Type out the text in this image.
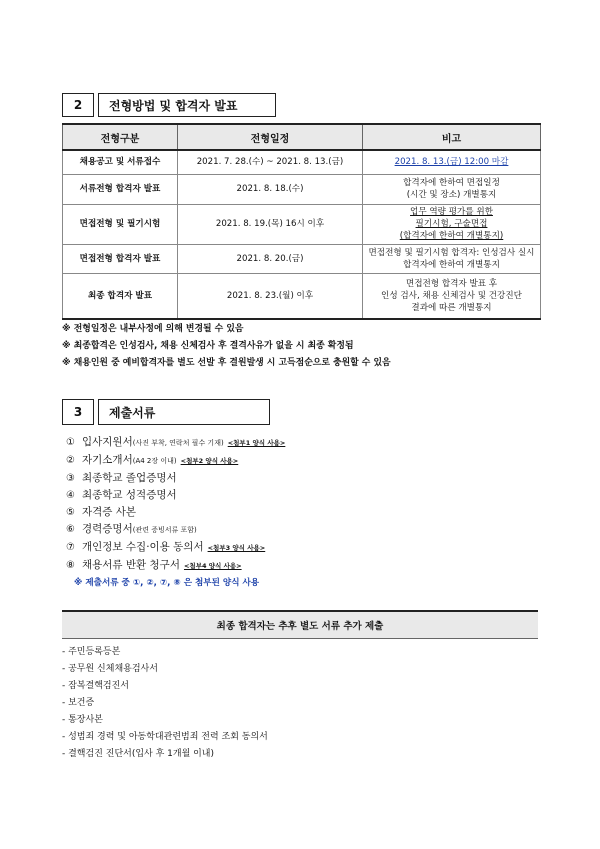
2	전형방법 및 합격자 발표
전형구분	전형일정	비고
채용공고 및 서류접수	2021. 7. 28.(수) ~ 2021. 8. 13.(금)	2021. 8. 13.(금) 12:00 마감
서류전형 합격자 발표	2021. 8. 18.(수)	합격자에 한하여 면접일정
(시간 및 장소) 개별통지

면접전형 및 필기시험	2021. 8. 19.(목) 16시 이후	업무 역량 평가를 위한
필기시험, 구술면접
(합격자에 한하여 개별통지)

면접전형 합격자 발표	2021. 8. 20.(금)	면접전형 및 필기시험 합격자: 인성검사 실시
합격자에 한하여 개별통지

최종 합격자 발표	2021. 8. 23.(월) 이후	면접전형 합격자 발표 후
인성 검사, 채용 신체검사 및 건강진단
결과에 따른 개별통지
※ 전형일정은 내부사정에 의해 변경될 수 있음
※ 최종합격은 인성검사, 채용 신체검사 후 결격사유가 없을 시 최종 확정됨
※ 채용인원 중 예비합격자를 별도 선발 후 결원발생 시 고득점순으로 충원할 수 있음
3	제출서류
① 입사지원서 (사진 부착, 연락처 필수 기재) <첨부1 양식 사용>
② 자기소개서 (A4 2장 이내) <첨부2 양식 사용>
③ 최종학교 졸업증명서
④ 최종학교 성적증명서
⑤ 자격증 사본
⑥ 경력증명서 (관련 증빙서류 포함)
⑦ 개인정보 수집·이용 동의서 <첨부3 양식 사용>
⑧ 채용서류 반환 청구서 <첨부4 양식 사용>
※ 제출서류 중 ①, ②, ⑦, ⑧ 은 첨부된 양식 사용
최종 합격자는 추후 별도 서류 추가 제출
- 주민등록등본
- 공무원 신체채용검사서
- 잠복결핵검진서
- 보건증
- 통장사본
- 성범죄 경력 및 아동학대관련범죄 전력 조회 동의서
- 결핵검진 진단서(입사 후 1개월 이내)
